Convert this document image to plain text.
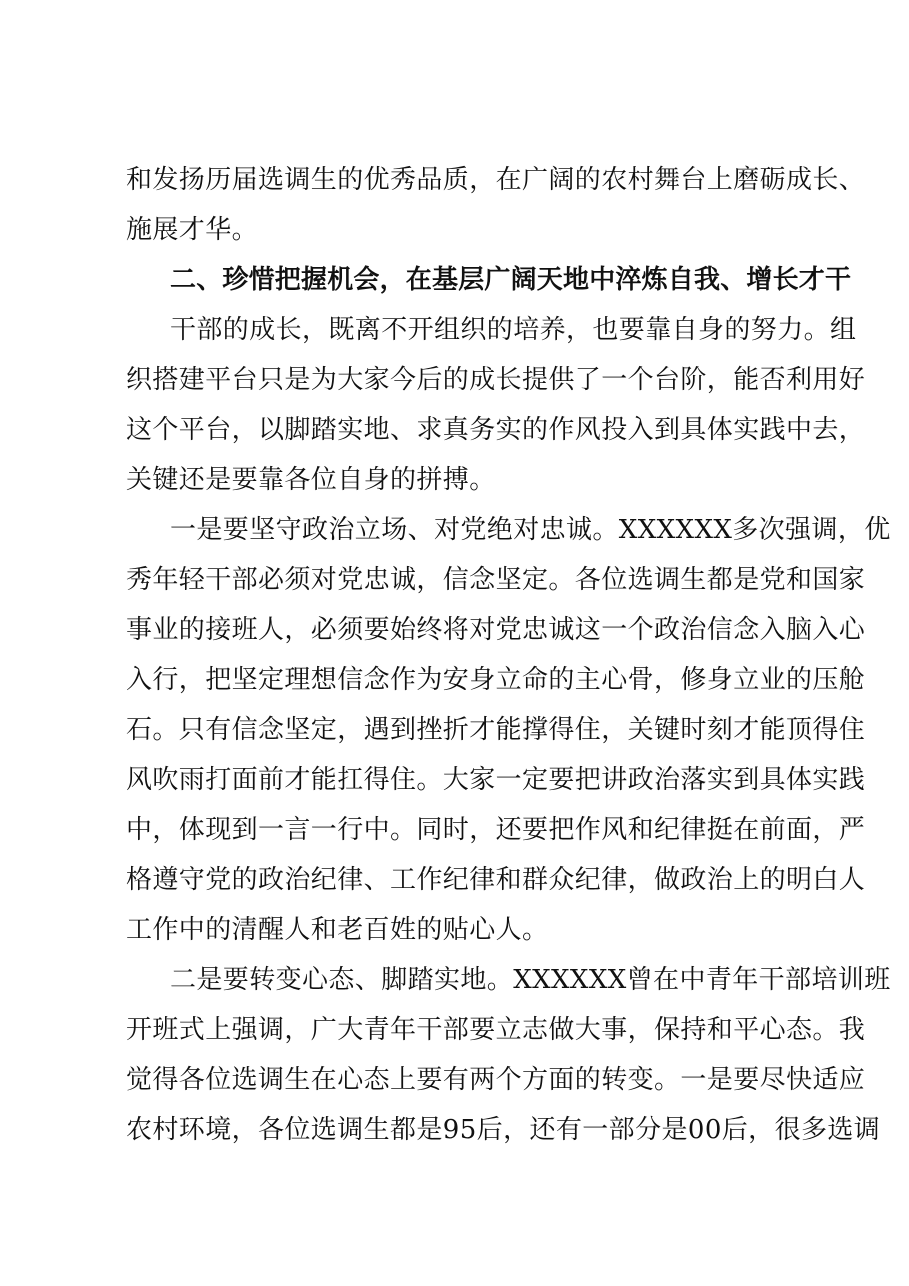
和发扬历届选调生的优秀品质，在广阔的农村舞台上磨砺成长、
施展才华。
二、珍惜把握机会，在基层广阔天地中淬炼自我、增长才干
干部的成长，既离不开组织的培养，也要靠自身的努力。组
织搭建平台只是为大家今后的成长提供了一个台阶，能否利用好
这个平台，以脚踏实地、求真务实的作风投入到具体实践中去，
关键还是要靠各位自身的拼搏。
一是要坚守政治立场、对党绝对忠诚。XXXXXX多次强调，优
秀年轻干部必须对党忠诚，信念坚定。各位选调生都是党和国家
事业的接班人，必须要始终将对党忠诚这一个政治信念入脑入心
入行，把坚定理想信念作为安身立命的主心骨，修身立业的压舱
石。只有信念坚定，遇到挫折才能撑得住，关键时刻才能顶得住
风吹雨打面前才能扛得住。大家一定要把讲政治落实到具体实践
中，体现到一言一行中。同时，还要把作风和纪律挺在前面，严
格遵守党的政治纪律、工作纪律和群众纪律，做政治上的明白人
工作中的清醒人和老百姓的贴心人。
二是要转变心态、脚踏实地。XXXXXX曾在中青年干部培训班
开班式上强调，广大青年干部要立志做大事，保持和平心态。我
觉得各位选调生在心态上要有两个方面的转变。一是要尽快适应
农村环境，各位选调生都是95后，还有一部分是00后，很多选调
